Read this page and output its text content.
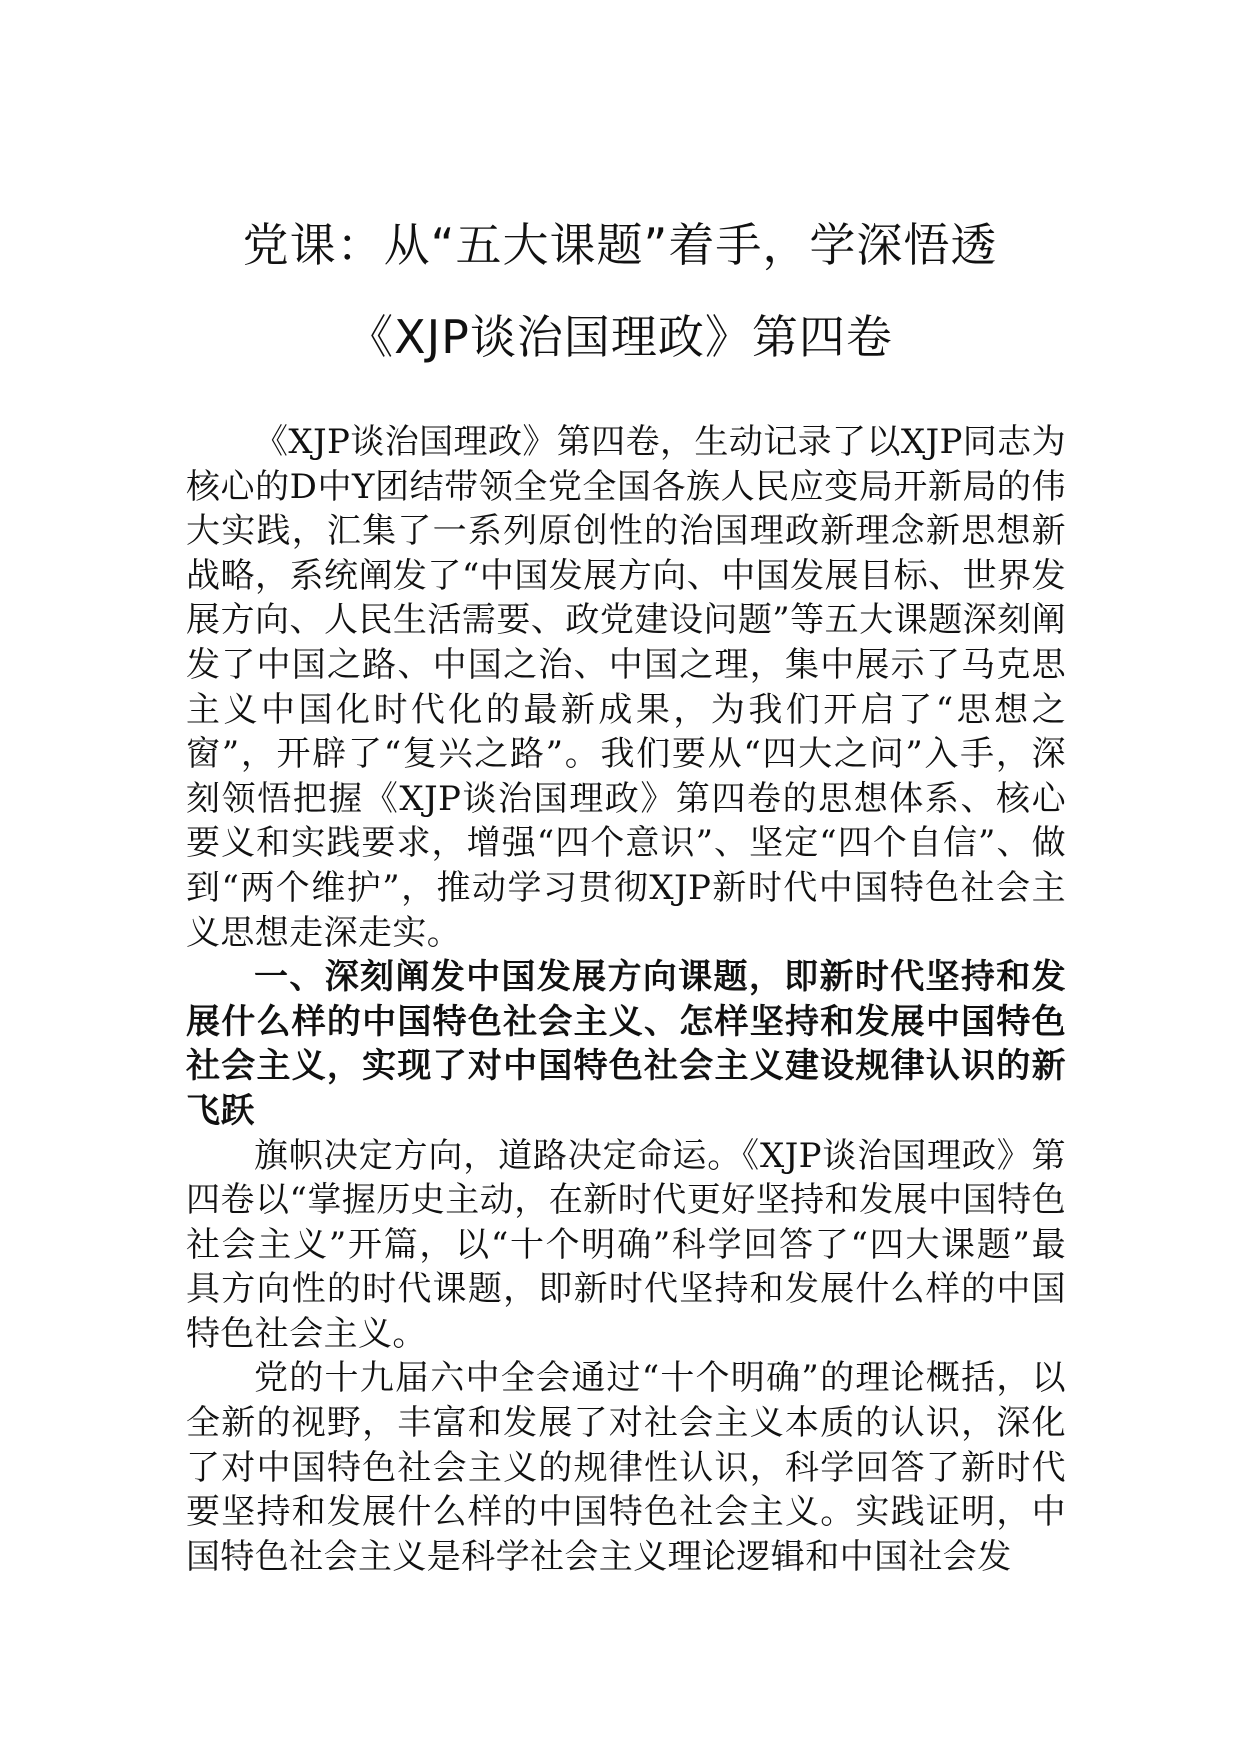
党课：从“五大课题”着手，学深悟透
《XJP谈治国理政》第四卷

《XJP谈治国理政》第四卷，生动记录了以XJP同志为核心的D中Y团结带领全党全国各族人民应变局开新局的伟大实践，汇集了一系列原创性的治国理政新理念新思想新战略，系统阐发了“中国发展方向、中国发展目标、世界发展方向、人民生活需要、政党建设问题”等五大课题深刻阐发了中国之路、中国之治、中国之理，集中展示了马克思主义中国化时代化的最新成果，为我们开启了“思想之窗”，开辟了“复兴之路”。我们要从“四大之问”入手，深刻领悟把握《XJP谈治国理政》第四卷的思想体系、核心要义和实践要求，增强“四个意识”、坚定“四个自信”、做到“两个维护”，推动学习贯彻XJP新时代中国特色社会主义思想走深走实。

一、深刻阐发中国发展方向课题，即新时代坚持和发展什么样的中国特色社会主义、怎样坚持和发展中国特色社会主义，实现了对中国特色社会主义建设规律认识的新飞跃

旗帜决定方向，道路决定命运。《XJP谈治国理政》第四卷以“掌握历史主动，在新时代更好坚持和发展中国特色社会主义”开篇，以“十个明确”科学回答了“四大课题”最具方向性的时代课题，即新时代坚持和发展什么样的中国特色社会主义。

党的十九届六中全会通过“十个明确”的理论概括，以全新的视野，丰富和发展了对社会主义本质的认识，深化了对中国特色社会主义的规律性认识，科学回答了新时代要坚持和发展什么样的中国特色社会主义。实践证明，中国特色社会主义是科学社会主义理论逻辑和中国社会发
